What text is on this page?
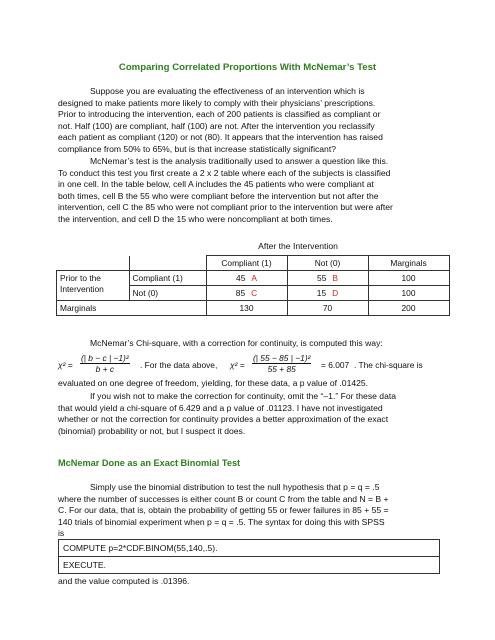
Comparing Correlated Proportions With McNemar’s Test
Suppose you are evaluating the effectiveness of an intervention which is
designed to make patients more likely to comply with their physicians’ prescriptions.
Prior to introducing the intervention, each of 200 patients is classified as compliant or
not. Half (100) are compliant, half (100) are not. After the intervention you reclassify
each patient as compliant (120) or not (80). It appears that the intervention has raised
compliance from 50% to 65%, but is that increase statistically significant?
McNemar’s test is the analysis traditionally used to answer a question like this.
To conduct this test you first create a 2 x 2 table where each of the subjects is classified
in one cell. In the table below, cell A includes the 45 patients who were compliant at
both times, cell B the 55 who were compliant before the intervention but not after the
intervention, cell C the 85 who were not compliant prior to the intervention but were after
the intervention, and cell D the 15 who were noncompliant at both times.
After the Intervention
		Compliant (1)	Not (0)	Marginals
Prior to the Intervention	Compliant (1)	45 A	55 B	100
	Not (0)	85 C	15 D	100
Marginals		130	70	200
McNemar’s Chi-square, with a correction for continuity, is computed this way:
$\chi^2 = \frac{\text{(| b − c | −1)²}}{b + c}$ . For the data above, $\chi^2 = \frac{\text{(| 55 − 85 | −1)²}}{55 + 85} = 6.007$ . The chi-square is
evaluated on one degree of freedom, yielding, for these data, a p value of .01425.
If you wish not to make the correction for continuity, omit the “–1.” For these data
that would yield a chi-square of 6.429 and a p value of .01123. I have not investigated
whether or not the correction for continuity provides a better approximation of the exact
(binomial) probability or not, but I suspect it does.
McNemar Done as an Exact Binomial Test
Simply use the binomial distribution to test the null hypothesis that p = q = .5
where the number of successes is either count B or count C from the table and N = B +
C. For our data, that is, obtain the probability of getting 55 or fewer failures in 85 + 55 =
140 trials of binomial experiment when p = q = .5. The syntax for doing this with SPSS
is
COMPUTE p=2*CDF.BINOM(55,140,.5).
EXECUTE.
and the value computed is .01396.
